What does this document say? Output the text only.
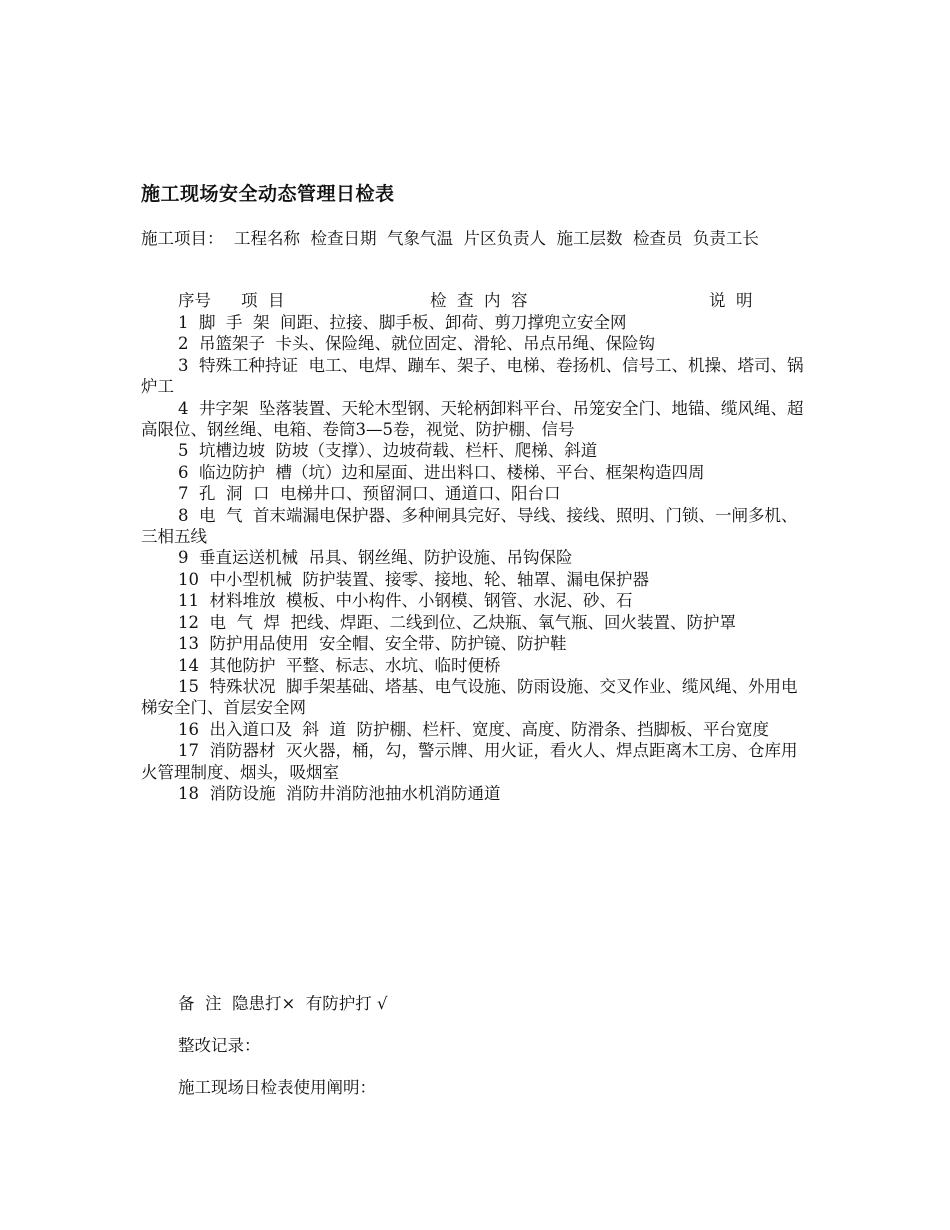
施工现场安全动态管理日检表
施工项目：  工程名称  检查日期  气象气温  片区负责人  施工层数  检查员  负责工长
序号 项  目	检  查  内  容	说  明

1  脚  手  架  间距、拉接、脚手板、卸荷、剪刀撑兜立安全网

2  吊篮架子  卡头、保险绳、就位固定、滑轮、吊点吊绳、保险钩

3  特殊工种持证  电工、电焊、蹦车、架子、电梯、卷扬机、信号工、机操、塔司、锅炉工

4  井字架  坠落装置、天轮木型钢、天轮柄卸料平台、吊笼安全门、地锚、缆风绳、超高限位、钢丝绳、电箱、卷筒3—5卷，视觉、防护棚、信号

5  坑槽边坡  防坡（支撑）、边坡荷载、栏杆、爬梯、斜道

6  临边防护  槽（坑）边和屋面、进出料口、楼梯、平台、框架构造四周

7  孔  洞  口  电梯井口、预留洞口、通道口、阳台口

8  电  气  首末端漏电保护器、多种闸具完好、导线、接线、照明、门锁、一闸多机、三相五线

9  垂直运送机械  吊具、钢丝绳、防护设施、吊钩保险

10  中小型机械  防护装置、接零、接地、轮、轴罩、漏电保护器

11  材料堆放  模板、中小构件、小钢模、钢管、水泥、砂、石

12  电  气  焊  把线、焊距、二线到位、乙炔瓶、氧气瓶、回火装置、防护罩

13  防护用品使用  安全帽、安全带、防护镜、防护鞋

14  其他防护  平整、标志、水坑、临时便桥

15  特殊状况  脚手架基础、塔基、电气设施、防雨设施、交叉作业、缆风绳、外用电梯安全门、首层安全网

16  出入道口及  斜  道  防护棚、栏杆、宽度、高度、防滑条、挡脚板、平台宽度

17  消防器材  灭火器，桶，勾，警示牌、用火证，看火人、焊点距离木工房、仓库用火管理制度、烟头，吸烟室

18  消防设施  消防井消防池抽水机消防通道

备  注  隐患打×  有防护打 √
整改记录：
施工现场日检表使用阐明：
